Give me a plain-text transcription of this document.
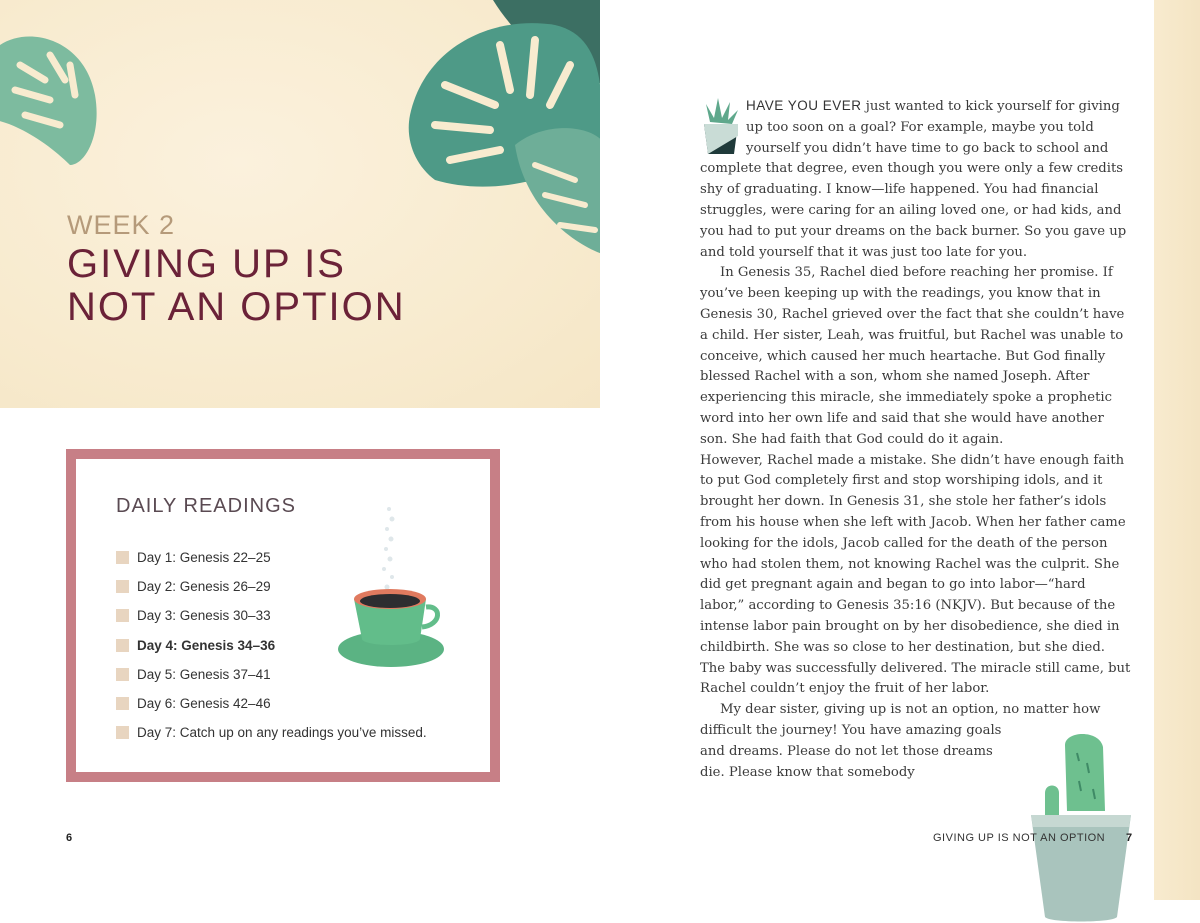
WEEK 2
GIVING UP IS
NOT AN OPTION
DAILY READINGS
Day 1: Genesis 22–25
Day 2: Genesis 26–29
Day 3: Genesis 30–33
Day 4: Genesis 34–36
Day 5: Genesis 37–41
Day 6: Genesis 42–46
Day 7: Catch up on any readings you’ve missed.
6

HAVE YOU EVER just wanted to kick yourself for giving up too soon on a goal? For example, maybe you told yourself you didn’t have time to go back to school and complete that degree, even though you were only a few credits shy of graduating. I know—life happened. You had financial struggles, were caring for an ailing loved one, or had kids, and you had to put your dreams on the back burner. So you gave up and told yourself that it was just too late for you.

In Genesis 35, Rachel died before reaching her promise. If you’ve been keeping up with the readings, you know that in Genesis 30, Rachel grieved over the fact that she couldn’t have a child. Her sister, Leah, was fruitful, but Rachel was unable to conceive, which caused her much heartache. But God finally blessed Rachel with a son, whom she named Joseph. After experiencing this miracle, she immediately spoke a prophetic word into her own life and said that she would have another son. She had faith that God could do it again.

However, Rachel made a mistake. She didn’t have enough faith to put God completely first and stop worshiping idols, and it brought her down. In Genesis 31, she stole her father’s idols from his house when she left with Jacob. When her father came looking for the idols, Jacob called for the death of the person who had stolen them, not knowing Rachel was the culprit. She did get pregnant again and began to go into labor—“hard labor,” according to Genesis 35:16 (NKJV). But because of the intense labor pain brought on by her disobedience, she died in childbirth. She was so close to her destination, but she died. The baby was successfully delivered. The miracle still came, but Rachel couldn’t enjoy the fruit of her labor.

My dear sister, giving up is not an option, no matter how difficult the journey! You have amazing goals and dreams. Please do not let those dreams die. Please know that somebody

GIVING UP IS NOT AN OPTION 7
